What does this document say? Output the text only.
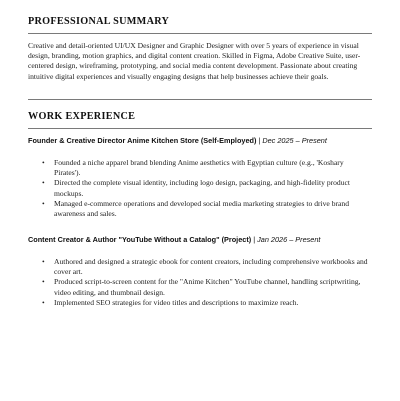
PROFESSIONAL SUMMARY

Creative and detail-oriented UI/UX Designer and Graphic Designer with over 5 years of experience in visual design, branding, motion graphics, and digital content creation. Skilled in Figma, Adobe Creative Suite, user-centered design, wireframing, prototyping, and social media content development. Passionate about creating intuitive digital experiences and visually engaging designs that help businesses achieve their goals.

WORK EXPERIENCE
Founder & Creative Director Anime Kitchen Store (Self-Employed) | Dec 2025 – Present
• Founded a niche apparel brand blending Anime aesthetics with Egyptian culture (e.g., 'Koshary Pirates').
• Directed the complete visual identity, including logo design, packaging, and high-fidelity product mockups.
• Managed e-commerce operations and developed social media marketing strategies to drive brand awareness and sales.
Content Creator & Author "YouTube Without a Catalog" (Project) | Jan 2026 – Present
• Authored and designed a strategic ebook for content creators, including comprehensive workbooks and cover art.
• Produced script-to-screen content for the "Anime Kitchen" YouTube channel, handling scriptwriting, video editing, and thumbnail design.
• Implemented SEO strategies for video titles and descriptions to maximize reach.
